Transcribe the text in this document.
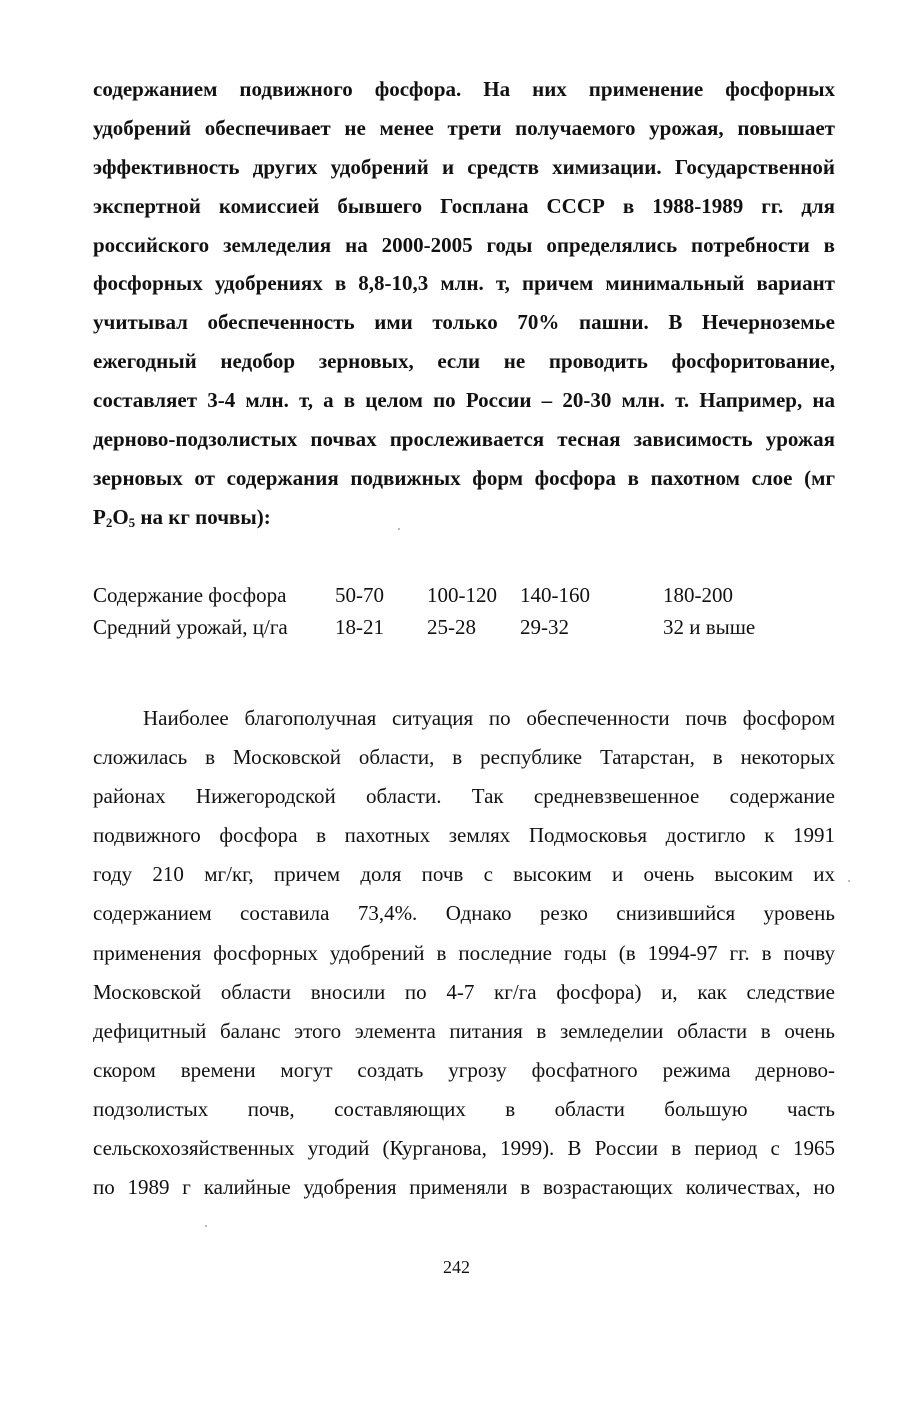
содержанием подвижного фосфора. На них применение фосфорных
удобрений обеспечивает не менее трети получаемого урожая, повышает
эффективность других удобрений и средств химизации. Государственной
экспертной комиссией бывшего Госплана СССР в 1988-1989 гг. для
российского земледелия на 2000-2005 годы определялись потребности в
фосфорных удобрениях в 8,8-10,3 млн. т, причем минимальный вариант
учитывал обеспеченность ими только 70% пашни. В Нечерноземье
ежегодный недобор зерновых, если не проводить фосфоритование,
составляет 3-4 млн. т, а в целом по России – 20-30 млн. т. Например, на
дерново-подзолистых почвах прослеживается тесная зависимость урожая
зерновых от содержания подвижных форм фосфора в пахотном слое (мг
$P_2O_5$ на кг почвы):
Содержание фосфора 50-70 100-120 140-160	180-200
Средний урожай, ц/га 18-21 25-28 29-32	32 и выше
Наиболее благополучная ситуация по обеспеченности почв фосфором
сложилась в Московской области, в республике Татарстан, в некоторых
районах Нижегородской области. Так средневзвешенное содержание
подвижного фосфора в пахотных землях Подмосковья достигло к 1991
году 210 мг/кг, причем доля почв с высоким и очень высоким их
содержанием составила 73,4%. Однако резко снизившийся уровень
применения фосфорных удобрений в последние годы (в 1994-97 гг. в почву
Московской области вносили по 4-7 кг/га фосфора) и, как следствие
дефицитный баланс этого элемента питания в земледелии области в очень
скором времени могут создать угрозу фосфатного режима дерново-
подзолистых почв, составляющих в области большую часть
сельскохозяйственных угодий (Курганова, 1999). В России в период с 1965
по 1989 г калийные удобрения применяли в возрастающих количествах, но
242
